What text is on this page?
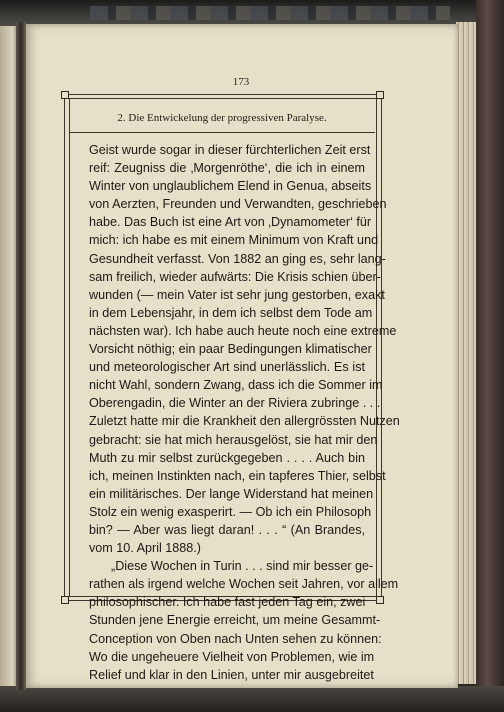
173
2. Die Entwickelung der progressiven Paralyse.
Geist wurde sogar in dieser fürchterlichen Zeit erst
reif: Zeugniss die ‚Morgenröthe‘, die ich in einem
Winter von unglaublichem Elend in Genua, abseits
von Aerzten, Freunden und Verwandten, geschrieben
habe. Das Buch ist eine Art von ‚Dynamometer‘ für
mich: ich habe es mit einem Minimum von Kraft und
Gesundheit verfasst. Von 1882 an ging es, sehr lang-
sam freilich, wieder aufwärts: Die Krisis schien über-
wunden (— mein Vater ist sehr jung gestorben, exakt
in dem Lebensjahr, in dem ich selbst dem Tode am
nächsten war). Ich habe auch heute noch eine extreme
Vorsicht nöthig; ein paar Bedingungen klimatischer
und meteorologischer Art sind unerlässlich. Es ist
nicht Wahl, sondern Zwang, dass ich die Sommer im
Oberengadin, die Winter an der Riviera zubringe . . .
Zuletzt hatte mir die Krankheit den allergrössten Nutzen
gebracht: sie hat mich herausgelöst, sie hat mir den
Muth zu mir selbst zurückgegeben . . . . Auch bin
ich, meinen Instinkten nach, ein tapferes Thier, selbst
ein militärisches. Der lange Widerstand hat meinen
Stolz ein wenig exasperirt. — Ob ich ein Philosoph
bin? — Aber was liegt daran! . . . “ (An Brandes,
vom 10. April 1888.)
„Diese Wochen in Turin . . . sind mir besser ge-
rathen als irgend welche Wochen seit Jahren, vor allem
philosophischer. Ich habe fast jeden Tag ein, zwei
Stunden jene Energie erreicht, um meine Gesammt-
Conception von Oben nach Unten sehen zu können:
Wo die ungeheuere Vielheit von Problemen, wie im
Relief und klar in den Linien, unter mir ausgebreitet
